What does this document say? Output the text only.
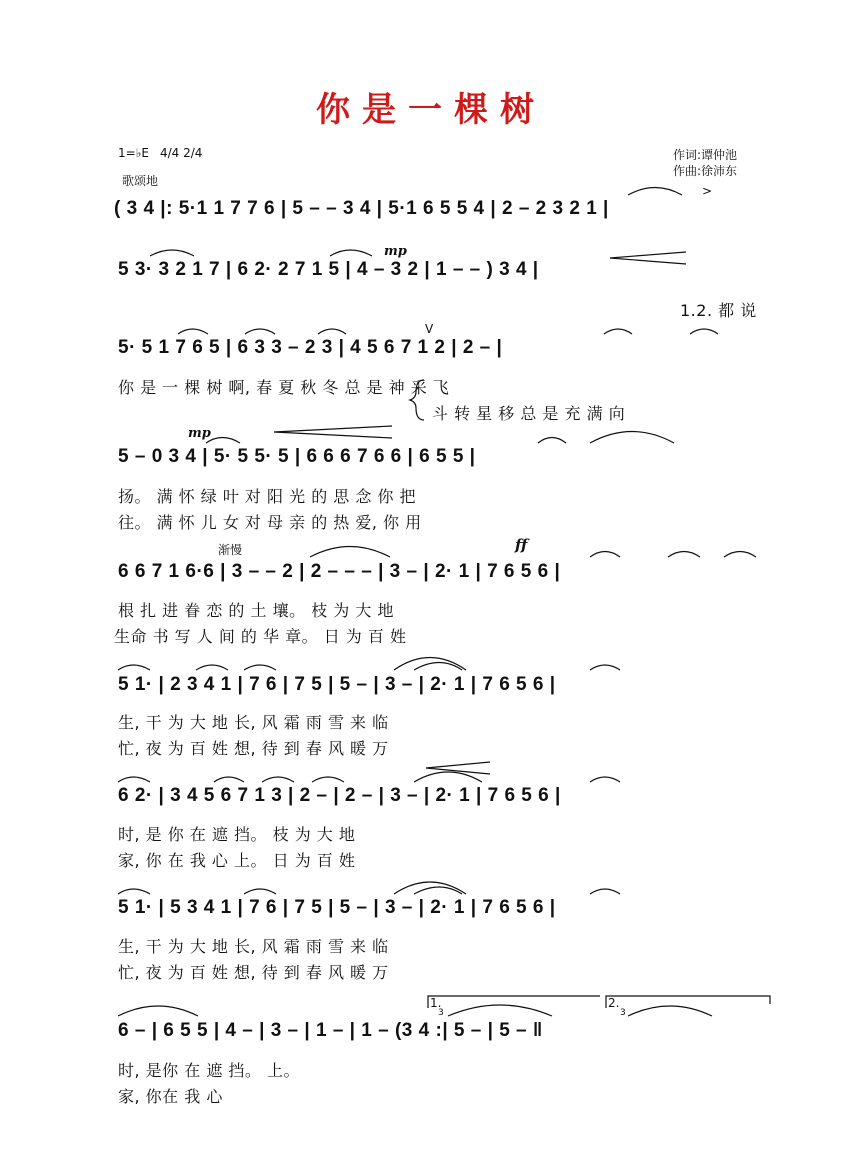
你是一棵树
1=♭E 4/4 2/4
歌颂地
作词:谭仲池
作曲:徐沛东
( 3 4 |: 5·1 1 7 7 6 | 5 – – 3 4 | 5·1 6 5 5 4 | 2 – 2 3 2 1 |
5 3· 3 2 1 7 | 6 2· 2 7 1 5 | 4 – 3 2 | 1 – – ) 3 4 |
1.2. 都 说
5· 5 1 7 6 5 | 6 3 3 – 2 3 | 4 5 6 7 1 2 | 2 – |
你 是 一 棵 树 啊, 春 夏 秋 冬 总 是 神 采 飞
斗 转 星 移 总 是 充 满 向
5 – 0 3 4 | 5· 5 5· 5 | 6 6 6 7 6 6 | 6 5 5 |
扬。 满 怀 绿 叶 对 阳 光 的 思 念 你 把
往。 满 怀 儿 女 对 母 亲 的 热 爱, 你 用
6 6 7 1 6·6 | 3 – – 2 | 2 – – – | 3 – | 2· 1 | 7 6 5 6 |
根 扎 进 眷 恋 的 土 壤。 枝 为 大 地
生命 书 写 人 间 的 华 章。 日 为 百 姓
5 1· | 2 3 4 1 | 7 6 | 7 5 | 5 – | 3 – | 2· 1 | 7 6 5 6 |
生, 干 为 大 地 长, 风 霜 雨 雪 来 临
忙, 夜 为 百 姓 想, 待 到 春 风 暖 万
6 2· | 3 4 5 6 7 1 3 | 2 – | 2 – | 3 – | 2· 1 | 7 6 5 6 |
时, 是 你 在 遮 挡。 枝 为 大 地
家, 你 在 我 心 上。 日 为 百 姓
5 1· | 5 3 4 1 | 7 6 | 7 5 | 5 – | 3 – | 2· 1 | 7 6 5 6 |
生, 干 为 大 地 长, 风 霜 雨 雪 来 临
忙, 夜 为 百 姓 想, 待 到 春 风 暖 万
6 – | 6 5 5 | 4 – | 3 – | 1 – | 1 – (3 4 :| 5 – | 5 – ‖
时, 是你 在 遮 挡。 上。
家, 你在 我 心
mp
mp
ff
渐慢
V
>
1.	2.
3	3
